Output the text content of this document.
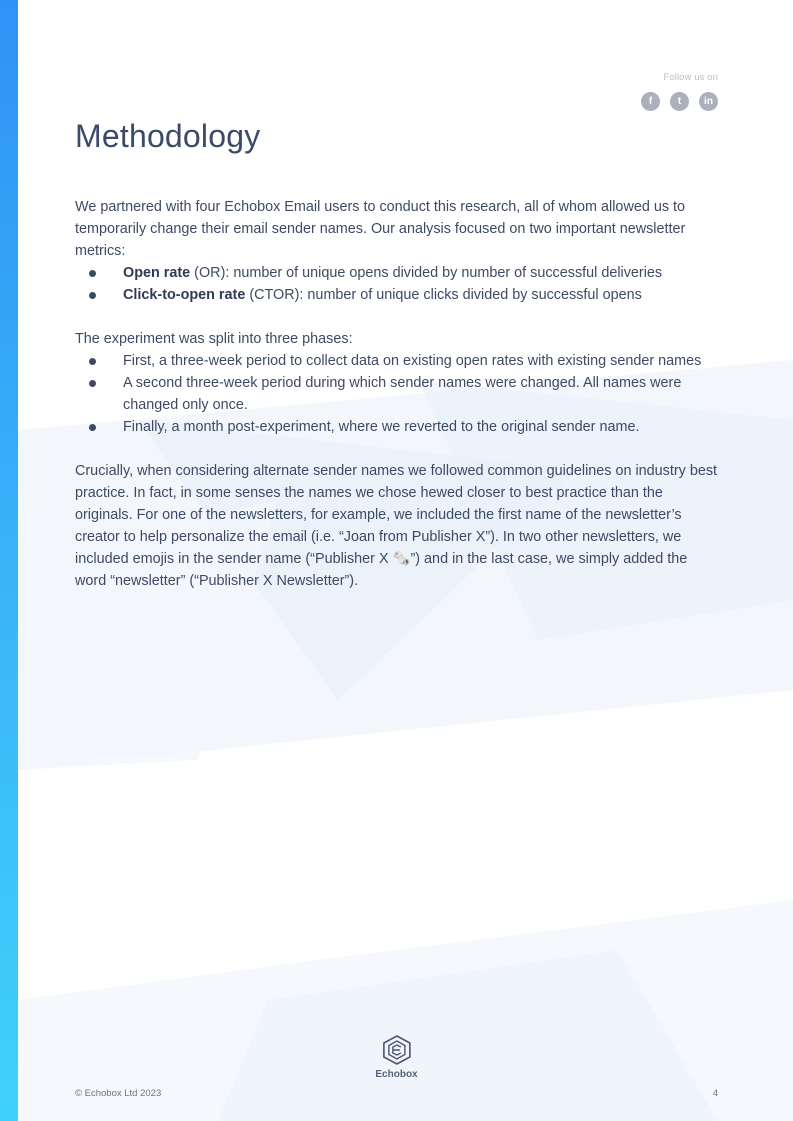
Follow us on
f	t	in
Methodology

We partnered with four Echobox Email users to conduct this research, all of whom allowed us to temporarily change their email sender names. Our analysis focused on two important newsletter metrics:

Open rate (OR): number of unique opens divided by number of successful deliveries
Click-to-open rate (CTOR): number of unique clicks divided by successful opens

The experiment was split into three phases:

First, a three-week period to collect data on existing open rates with existing sender names
A second three-week period during which sender names were changed. All names were changed only once.
Finally, a month post-experiment, where we reverted to the original sender name.

Crucially, when considering alternate sender names we followed common guidelines on industry best practice. In fact, in some senses the names we chose hewed closer to best practice than the originals. For one of the newsletters, for example, we included the first name of the newsletter’s creator to help personalize the email (i.e. “Joan from Publisher X”). In two other newsletters, we included emojis in the sender name (“Publisher X 🗞️”) and in the last case, we simply added the word “newsletter” (“Publisher X Newsletter”).

Echobox
© Echobox Ltd 2023	4
